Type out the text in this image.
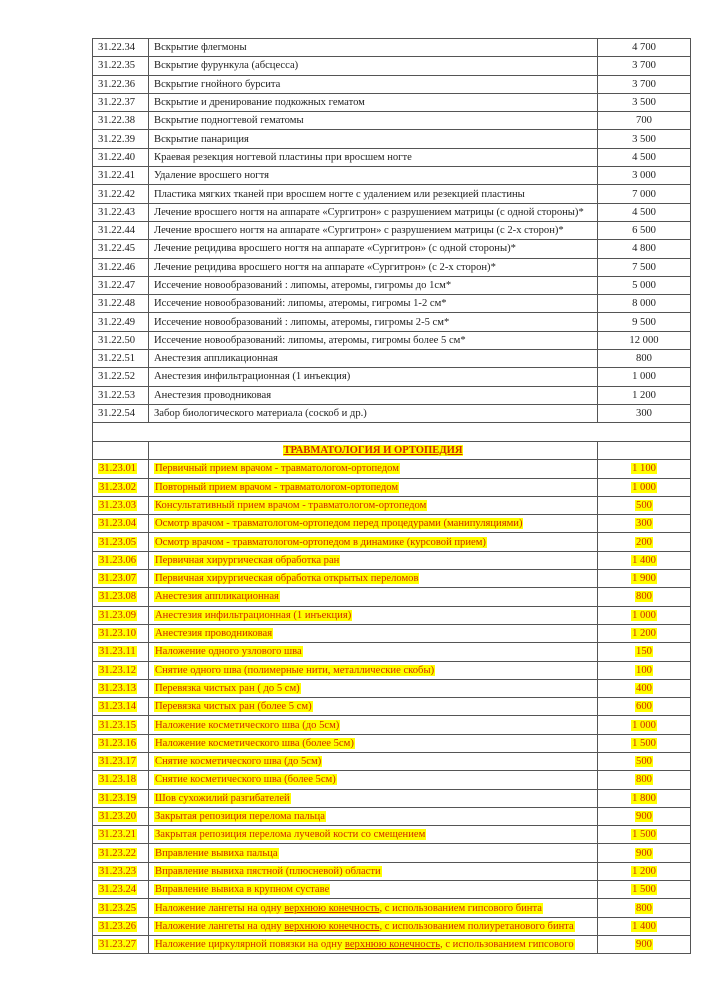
31.22.34	Вскрытие флегмоны	4 700
31.22.35	Вскрытие фурункула (абсцесса)	3 700
31.22.36	Вскрытие гнойного бурсита	3 700
31.22.37	Вскрытие и дренирование подкожных гематом	3 500
31.22.38	Вскрытие подногтевой гематомы	700
31.22.39	Вскрытие панариция	3 500
31.22.40	Краевая резекция ногтевой пластины при вросшем ногте	4 500
31.22.41	Удаление вросшего ногтя	3 000
31.22.42	Пластика мягких тканей при вросшем ногте с удалением или резекцией пластины	7 000
31.22.43	Лечение вросшего ногтя на аппарате «Сургитрон» с разрушением матрицы (с одной стороны)*	4 500
31.22.44	Лечение вросшего ногтя на аппарате «Сургитрон» с разрушением матрицы (с 2-х сторон)*	6 500
31.22.45	Лечение рецидива вросшего ногтя на аппарате «Сургитрон» (с одной стороны)*	4 800
31.22.46	Лечение рецидива вросшего ногтя на аппарате «Сургитрон» (с 2-х сторон)*	7 500
31.22.47	Иссечение новообразований : липомы, атеромы, гигромы до 1см*	5 000
31.22.48	Иссечение новообразований: липомы, атеромы, гигромы 1-2 см*	8 000
31.22.49	Иссечение новообразований : липомы, атеромы, гигромы 2-5 см*	9 500
31.22.50	Иссечение новообразований: липомы, атеромы, гигромы более 5 см*	12 000
31.22.51	Анестезия аппликационная	800
31.22.52	Анестезия инфильтрационная (1 инъекция)	1 000
31.22.53	Анестезия проводниковая	1 200
31.22.54	Забор биологического материала (соскоб и др.)	300

	ТРАВМАТОЛОГИЯ И ОРТОПЕДИЯ	
31.23.01	Первичный прием врачом - травматологом-ортопедом	1 100
31.23.02	Повторный прием врачом - травматологом-ортопедом	1 000
31.23.03	Консультативный прием врачом - травматологом-ортопедом	500
31.23.04	Осмотр врачом - травматологом-ортопедом перед процедурами (манипуляциями)	300
31.23.05	Осмотр врачом - травматологом-ортопедом в динамике (курсовой прием)	200
31.23.06	Первичная хирургическая обработка ран	1 400
31.23.07	Первичная хирургическая обработка открытых переломов	1 900
31.23.08	Анестезия аппликационная	800
31.23.09	Анестезия инфильтрационная (1 инъекция)	1 000
31.23.10	Анестезия проводниковая	1 200
31.23.11	Наложение одного узлового шва	150
31.23.12	Снятие одного шва (полимерные нити, металлические скобы)	100
31.23.13	Перевязка чистых ран ( до 5 см)	400
31.23.14	Перевязка чистых ран (более 5 см)	600
31.23.15	Наложение косметического шва (до 5см)	1 000
31.23.16	Наложение косметического шва (более 5см)	1 500
31.23.17	Снятие косметического шва (до 5см)	500
31.23.18	Снятие косметического шва (более 5см)	800
31.23.19	Шов сухожилий разгибателей	1 800
31.23.20	Закрытая репозиция перелома пальца	900
31.23.21	Закрытая репозиция перелома лучевой кости со смещением	1 500
31.23.22	Вправление вывиха пальца	900
31.23.23	Вправление вывиха пястной (плюсневой) области	1 200
31.23.24	Вправление вывиха в крупном суставе	1 500
31.23.25	Наложение лангеты на одну верхнюю конечность, с использованием гипсового бинта	800
31.23.26	Наложение лангеты на одну верхнюю конечность, с использованием полиуретанового бинта	1 400
31.23.27	Наложение циркулярной повязки на одну верхнюю конечность, с использованием гипсового	900
